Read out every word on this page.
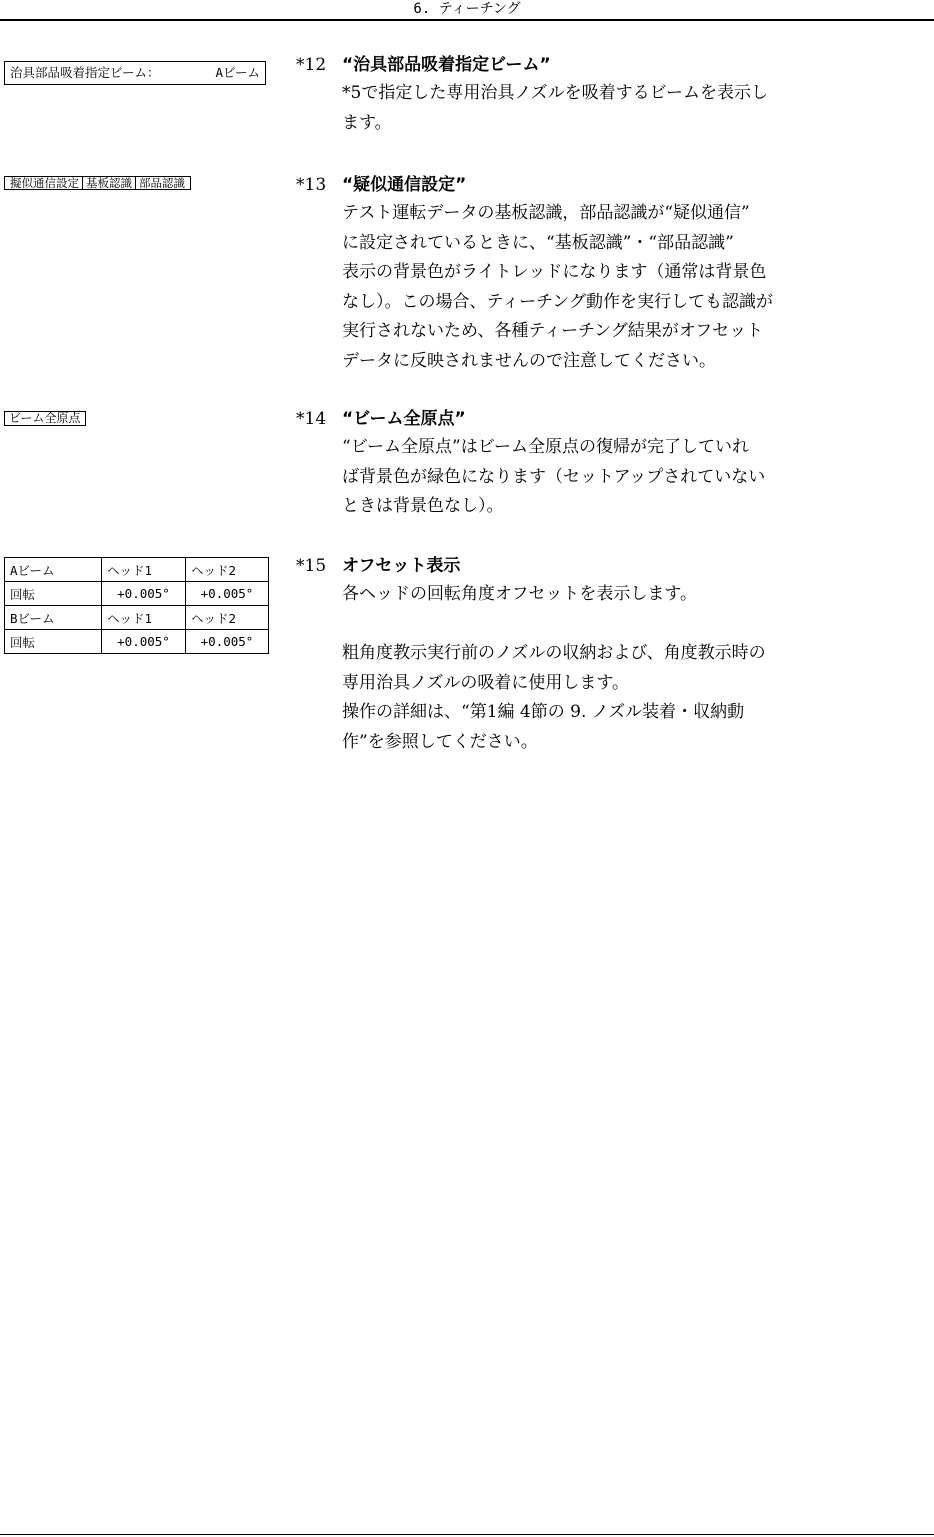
6. ティーチング
治具部品吸着指定ビーム：	Aビーム
擬似通信設定 基板認識 部品認識
ビーム全原点
Aビーム	ヘッド1	ヘッド2
回転	+0.005°	+0.005°
Bビーム	ヘッド1	ヘッド2
回転	+0.005°	+0.005°
*12 “治具部品吸着指定ビーム”

*5で指定した専用治具ノズルを吸着するビームを表示し

ます。

*13 “疑似通信設定”

テスト運転データの基板認識，部品認識が“疑似通信”

に設定されているときに、“基板認識”・“部品認識”

表示の背景色がライトレッドになります（通常は背景色

なし）。この場合、ティーチング動作を実行しても認識が

実行されないため、各種ティーチング結果がオフセット

データに反映されませんので注意してください。

*14 “ビーム全原点”

“ビーム全原点”はビーム全原点の復帰が完了していれ

ば背景色が緑色になります（セットアップされていない

ときは背景色なし）。

*15 オフセット表示

各ヘッドの回転角度オフセットを表示します。

粗角度教示実行前のノズルの収納および、角度教示時の

専用治具ノズルの吸着に使用します。

操作の詳細は、“第1編 4節の 9. ノズル装着・収納動

作”を参照してください。
